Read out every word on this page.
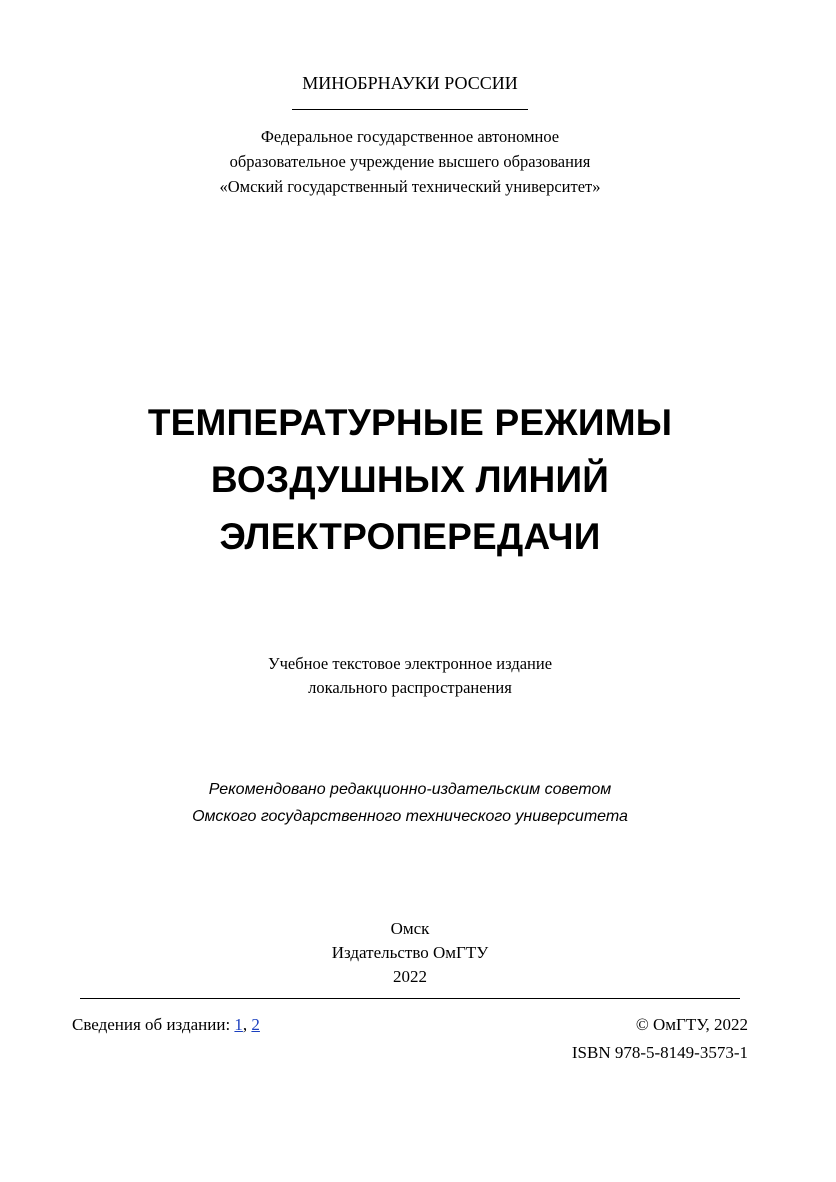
МИНОБРНАУКИ РОССИИ
Федеральное государственное автономное
образовательное учреждение высшего образования
«Омский государственный технический университет»
ТЕМПЕРАТУРНЫЕ РЕЖИМЫ
ВОЗДУШНЫХ ЛИНИЙ
ЭЛЕКТРОПЕРЕДАЧИ
Учебное текстовое электронное издание
локального распространения
Рекомендовано редакционно-издательским советом
Омского государственного технического университета
Омск
Издательство ОмГТУ
2022
Сведения об издании: 1, 2	© ОмГТУ, 2022
ISBN 978-5-8149-3573-1
